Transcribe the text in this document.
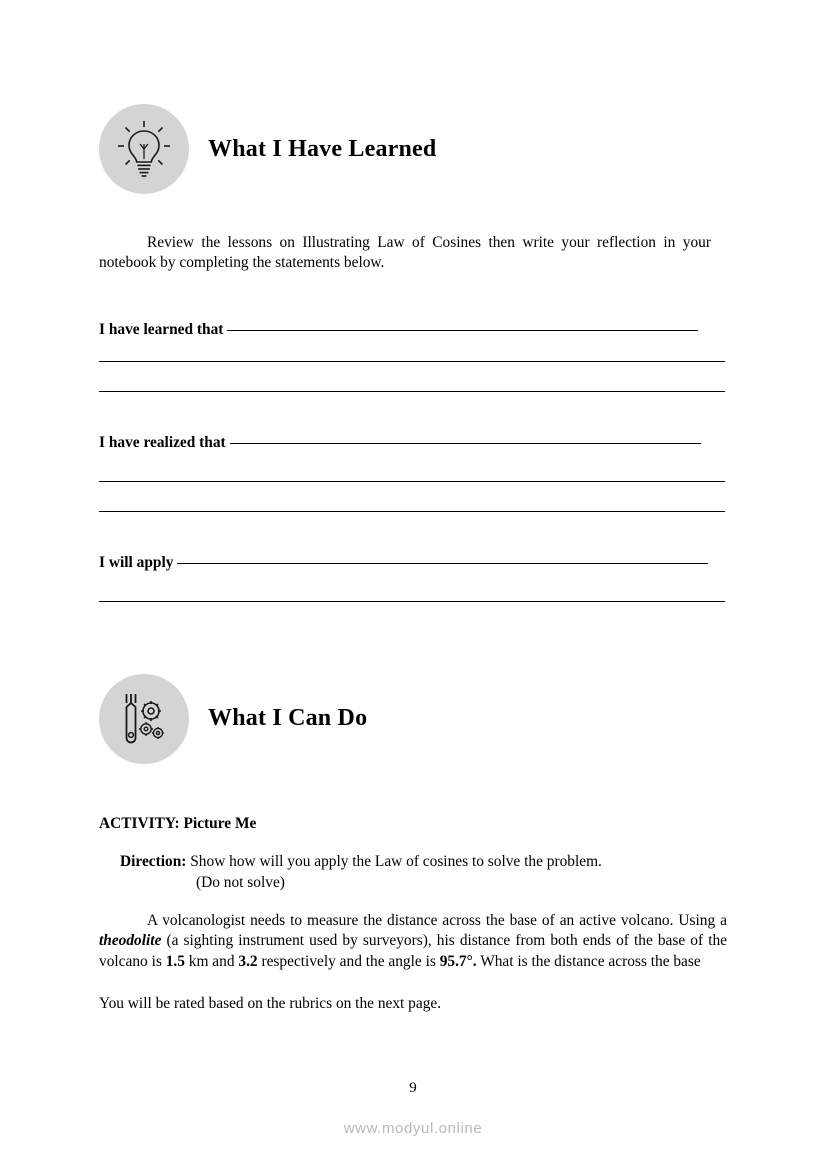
What I Have Learned

Review the lessons on Illustrating Law of Cosines then write your reflection in your notebook by completing the statements below.

I have learned that
I have realized that
I will apply
What I Can Do
ACTIVITY: Picture Me
Direction: Show how will you apply the Law of cosines to solve the problem.
(Do not solve)

A volcanologist needs to measure the distance across the base of an active volcano. Using a theodolite (a sighting instrument used by surveyors), his distance from both ends of the base of the volcano is 1.5 km and 3.2 respectively and the angle is 95.7°. What is the distance across the base

You will be rated based on the rubrics on the next page.

9
www.modyul.online
